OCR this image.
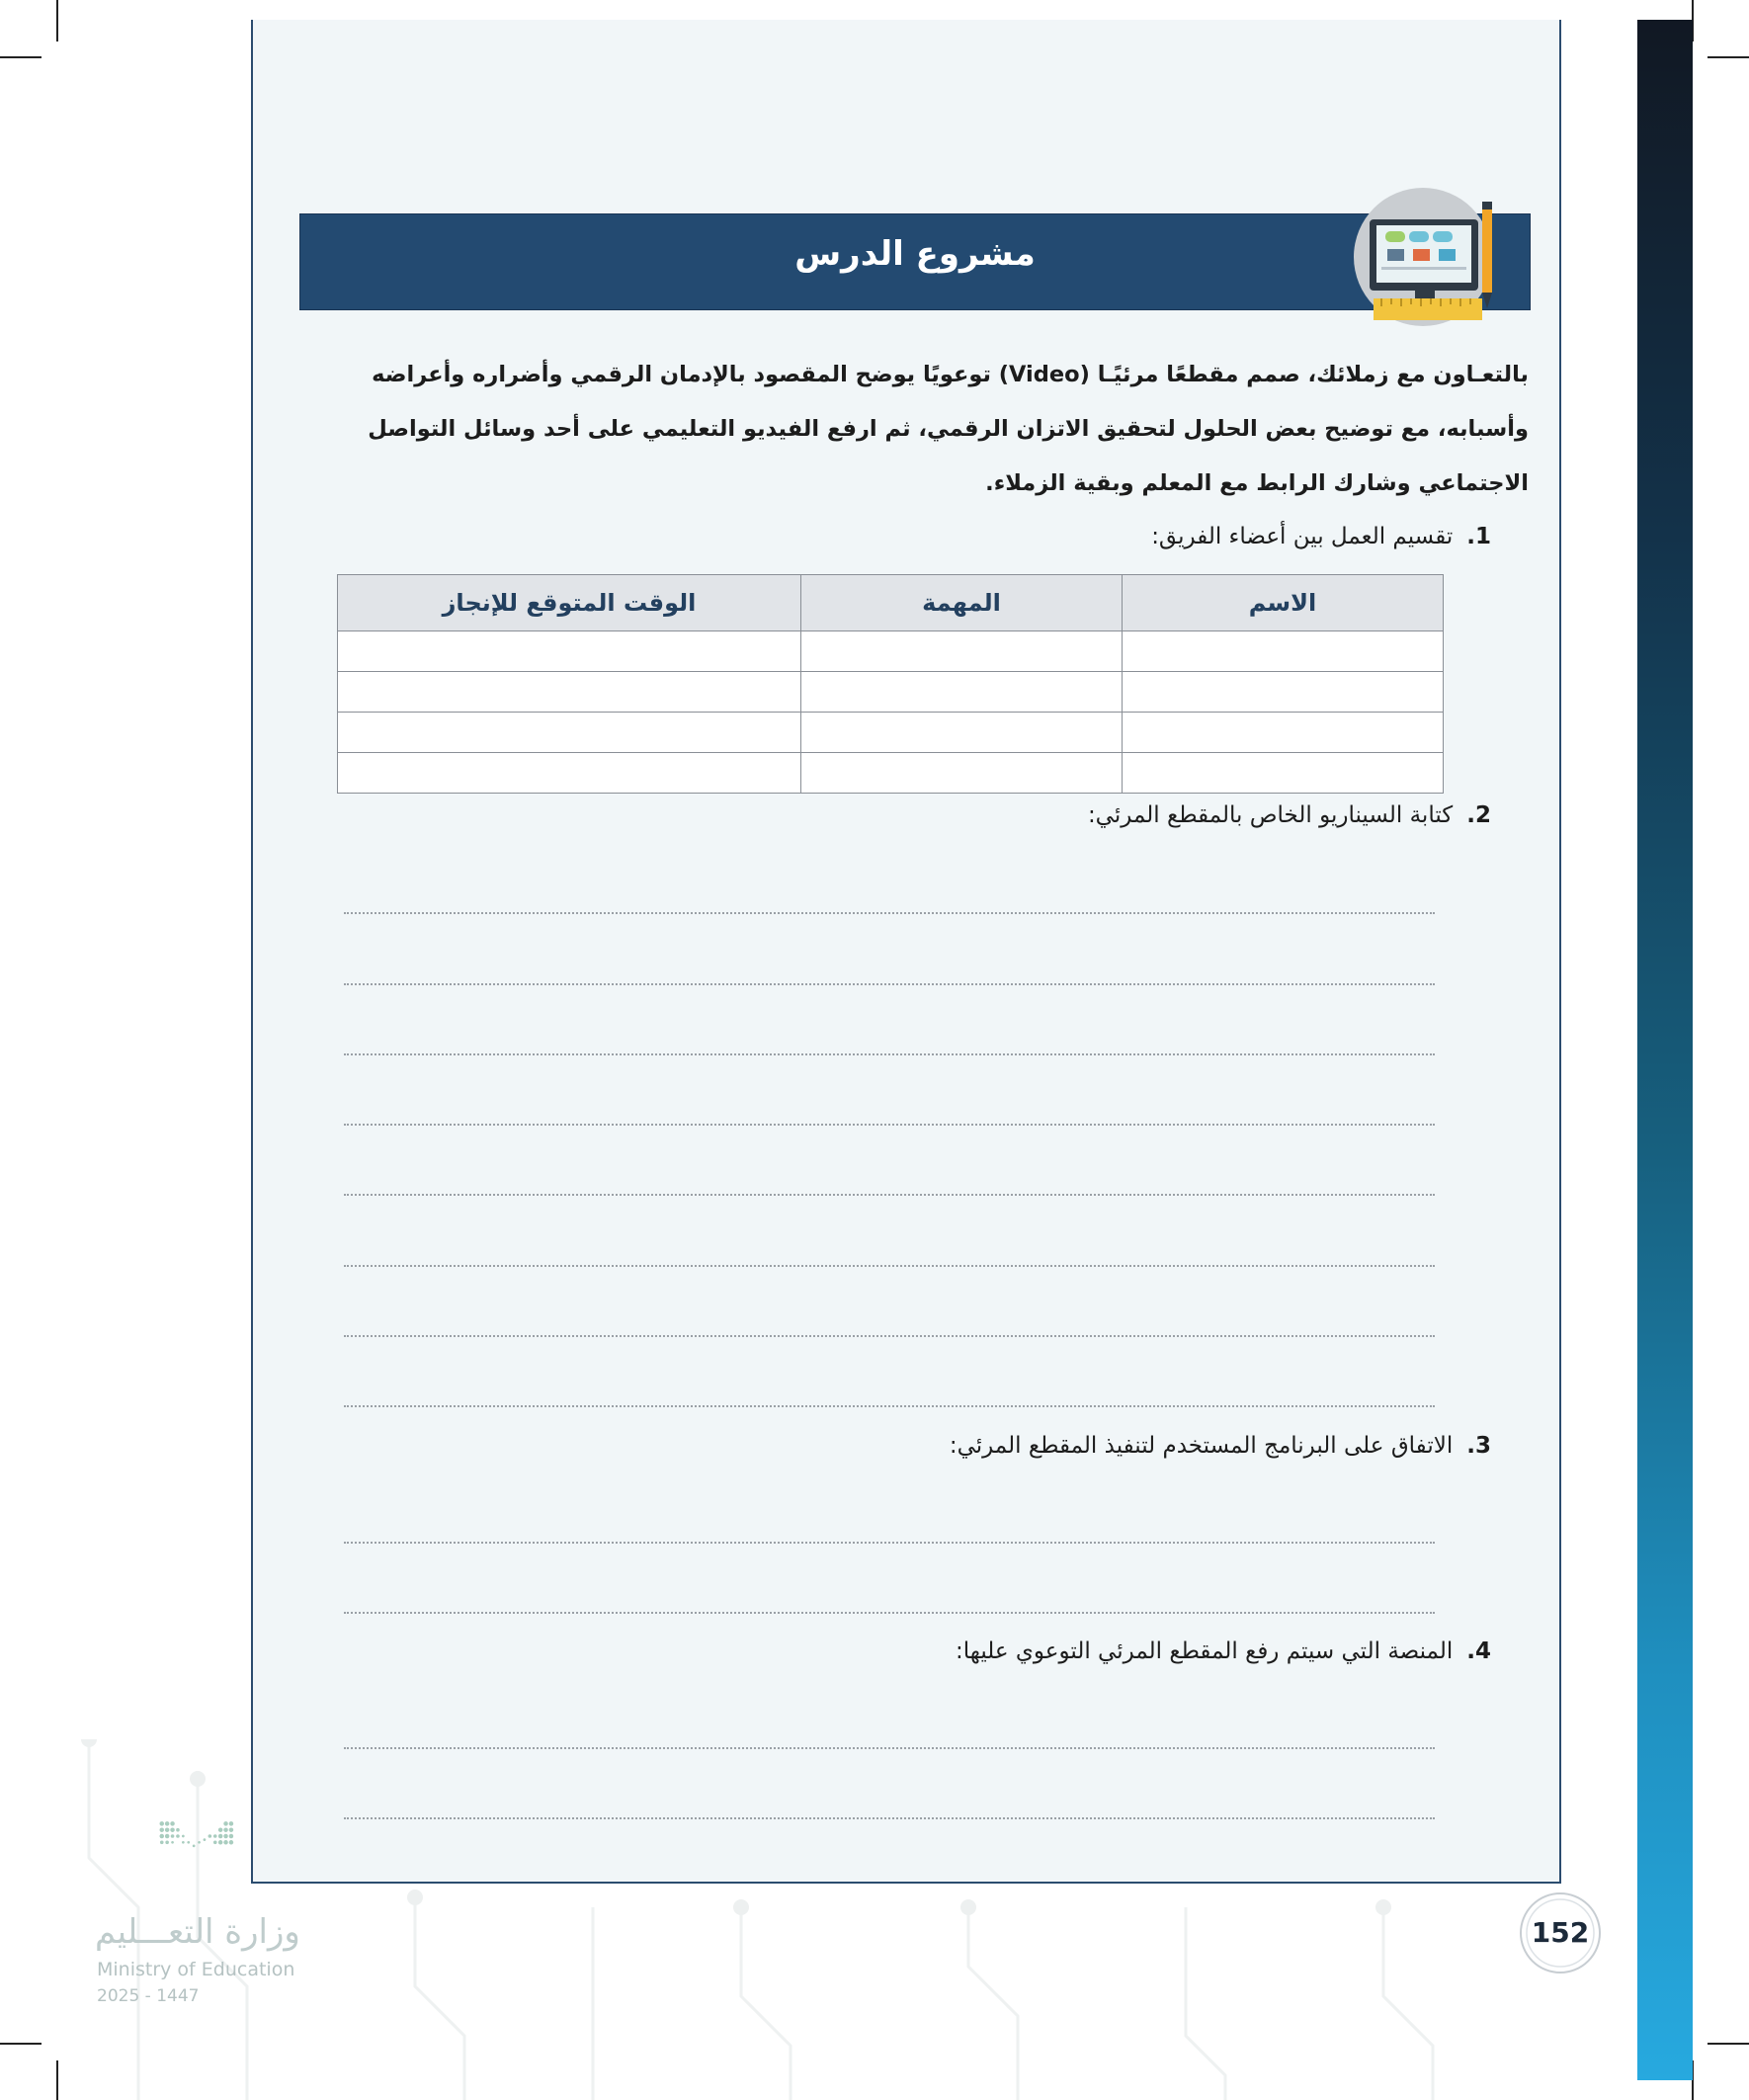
مشروع الدرس
بالتعـاون مع زملائك، صمم مقطعًا مرئيًـا (Video) توعويًا يوضح المقصود بالإدمان الرقمي وأضراره وأعراضه
وأسبابه، مع توضيح بعض الحلول لتحقيق الاتزان الرقمي، ثم ارفع الفيديو التعليمي على أحد وسائل التواصل
الاجتماعي وشارك الرابط مع المعلم وبقية الزملاء.
1.تقسيم العمل بين أعضاء الفريق:
الاسم	المهمة	الوقت المتوقع للإنجاز

2.كتابة السيناريو الخاص بالمقطع المرئي:
3.الاتفاق على البرنامج المستخدم لتنفيذ المقطع المرئي:
4.المنصة التي سيتم رفع المقطع المرئي التوعوي عليها:
وزارة التعـــليم
Ministry of Education
2025 - 1447
152
